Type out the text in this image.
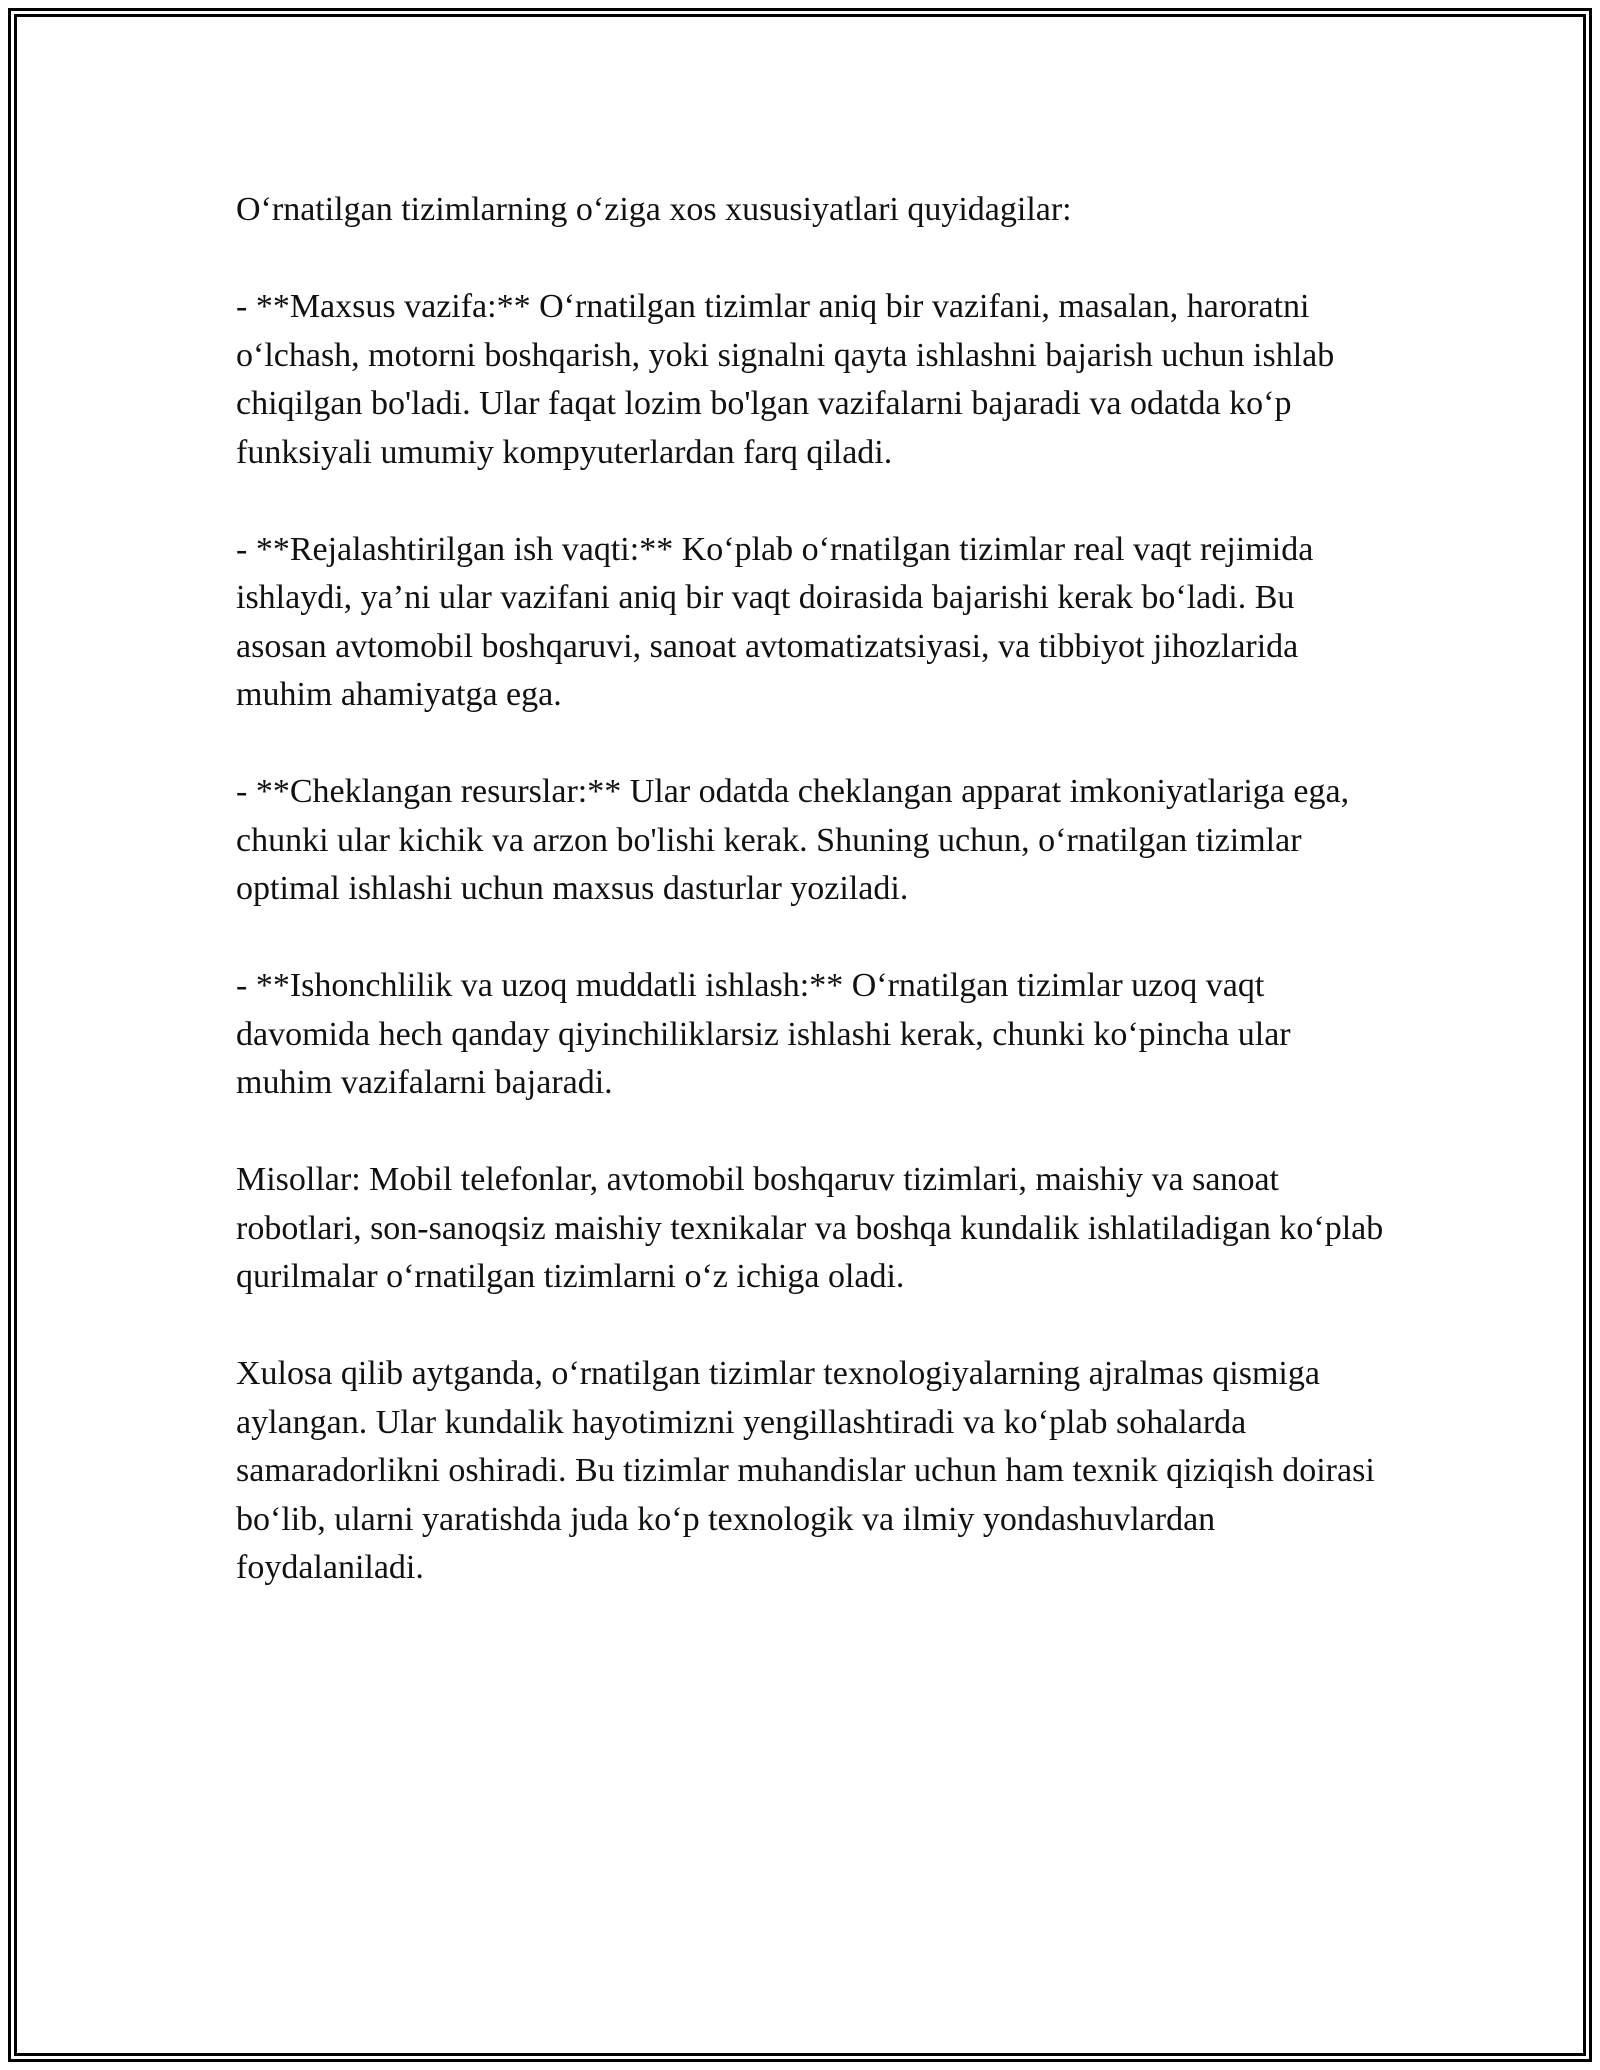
O‘rnatilgan tizimlarning o‘ziga xos xususiyatlari quyidagilar:

- **Maxsus vazifa:** O‘rnatilgan tizimlar aniq bir vazifani, masalan, haroratni o‘lchash, motorni boshqarish, yoki signalni qayta ishlashni bajarish uchun ishlab chiqilgan bo'ladi. Ular faqat lozim bo'lgan vazifalarni bajaradi va odatda ko‘p funksiyali umumiy kompyuterlardan farq qiladi.

- **Rejalashtirilgan ish vaqti:** Ko‘plab o‘rnatilgan tizimlar real vaqt rejimida ishlaydi, ya’ni ular vazifani aniq bir vaqt doirasida bajarishi kerak bo‘ladi. Bu asosan avtomobil boshqaruvi, sanoat avtomatizatsiyasi, va tibbiyot jihozlarida muhim ahamiyatga ega.

- **Cheklangan resurslar:** Ular odatda cheklangan apparat imkoniyatlariga ega, chunki ular kichik va arzon bo'lishi kerak. Shuning uchun, o‘rnatilgan tizimlar optimal ishlashi uchun maxsus dasturlar yoziladi.

- **Ishonchlilik va uzoq muddatli ishlash:** O‘rnatilgan tizimlar uzoq vaqt davomida hech qanday qiyinchiliklarsiz ishlashi kerak, chunki ko‘pincha ular muhim vazifalarni bajaradi.

Misollar: Mobil telefonlar, avtomobil boshqaruv tizimlari, maishiy va sanoat robotlari, son-sanoqsiz maishiy texnikalar va boshqa kundalik ishlatiladigan ko‘plab qurilmalar o‘rnatilgan tizimlarni o‘z ichiga oladi.

Xulosa qilib aytganda, o‘rnatilgan tizimlar texnologiyalarning ajralmas qismiga aylangan. Ular kundalik hayotimizni yengillashtiradi va ko‘plab sohalarda samaradorlikni oshiradi. Bu tizimlar muhandislar uchun ham texnik qiziqish doirasi bo‘lib, ularni yaratishda juda ko‘p texnologik va ilmiy yondashuvlardan foydalaniladi.
